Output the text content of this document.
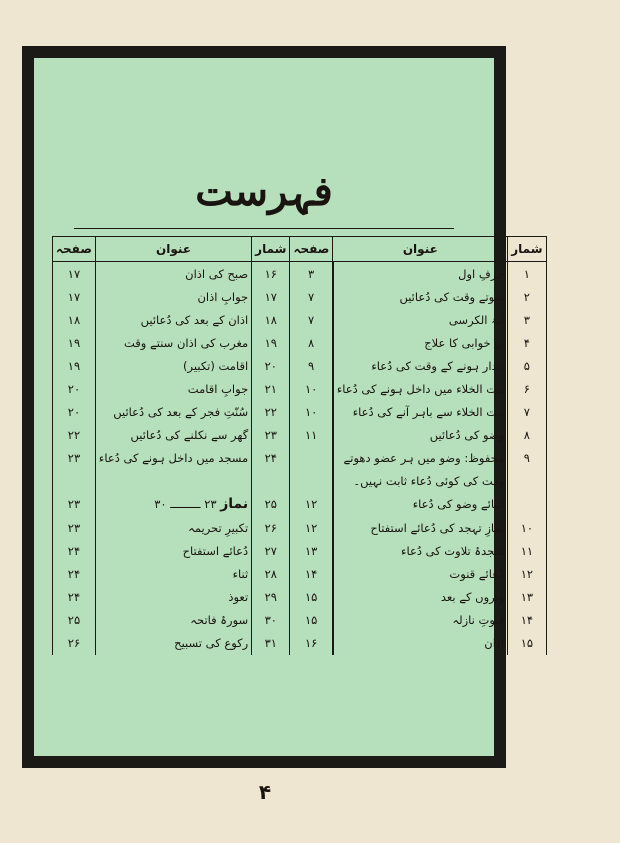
فہرست
شمار	عنوان	صفحہ	شمار	عنوان	صفحہ
۱	حرفِ اول	۳	۱۶	صبح کی اذان	۱۷
۲	سوتے وقت کی دُعائیں	۷	۱۷	جوابِ اذان	۱۷
۳	آیۃ الکرسی	۷	۱۸	اذان کے بعد کی دُعائیں	۱۸
۴	بے خوابی کا علاج	۸	۱۹	مغرب کی اذان سنتے وقت	۱۹
۵	بیدار ہونے کے وقت کی دُعاء	۹	۲۰	اقامت (تکبیر)	۱۹
۶	بیت الخلاء میں داخل ہونے کی دُعاء	۱۰	۲۱	جوابِ اقامت	۲۰
۷	بیت الخلاء سے باہر آنے کی دُعاء	۱۰	۲۲	سُنّتِ فجر کے بعد کی دُعائیں	۲۰
۸	وضو کی دُعائیں	۱۱	۲۳	گھر سے نکلنے کی دُعائیں	۲۲
۹	محفوظ: وضو میں ہر عضو دھوتے		۲۴	مسجد میں داخل ہونے کی دُعاء	۲۳
	وقت کی کوئی دُعاء ثابت نہیں۔				
	اثنائے وضو کی دُعاء	۱۲	۲۵	نماز ۲۳ ـــــــــ ۳۰	۲۳
۱۰	نمازِ تہجد کی دُعائے استفتاح	۱۲	۲۶	تکبیرِ تحریمہ	۲۳
۱۱	سجدۂ تلاوت کی دُعاء	۱۳	۲۷	دُعائے استفتاح	۲۴
۱۲	دُعائے قنوت	۱۴	۲۸	ثناء	۲۴
۱۳	وتروں کے بعد	۱۵	۲۹	تعوذ	۲۴
۱۴	قنوتِ نازلہ	۱۵	۳۰	سورۂ فاتحہ	۲۵
۱۵	اذان	۱۶	۳۱	رکوع کی تسبیح	۲۶
۴
